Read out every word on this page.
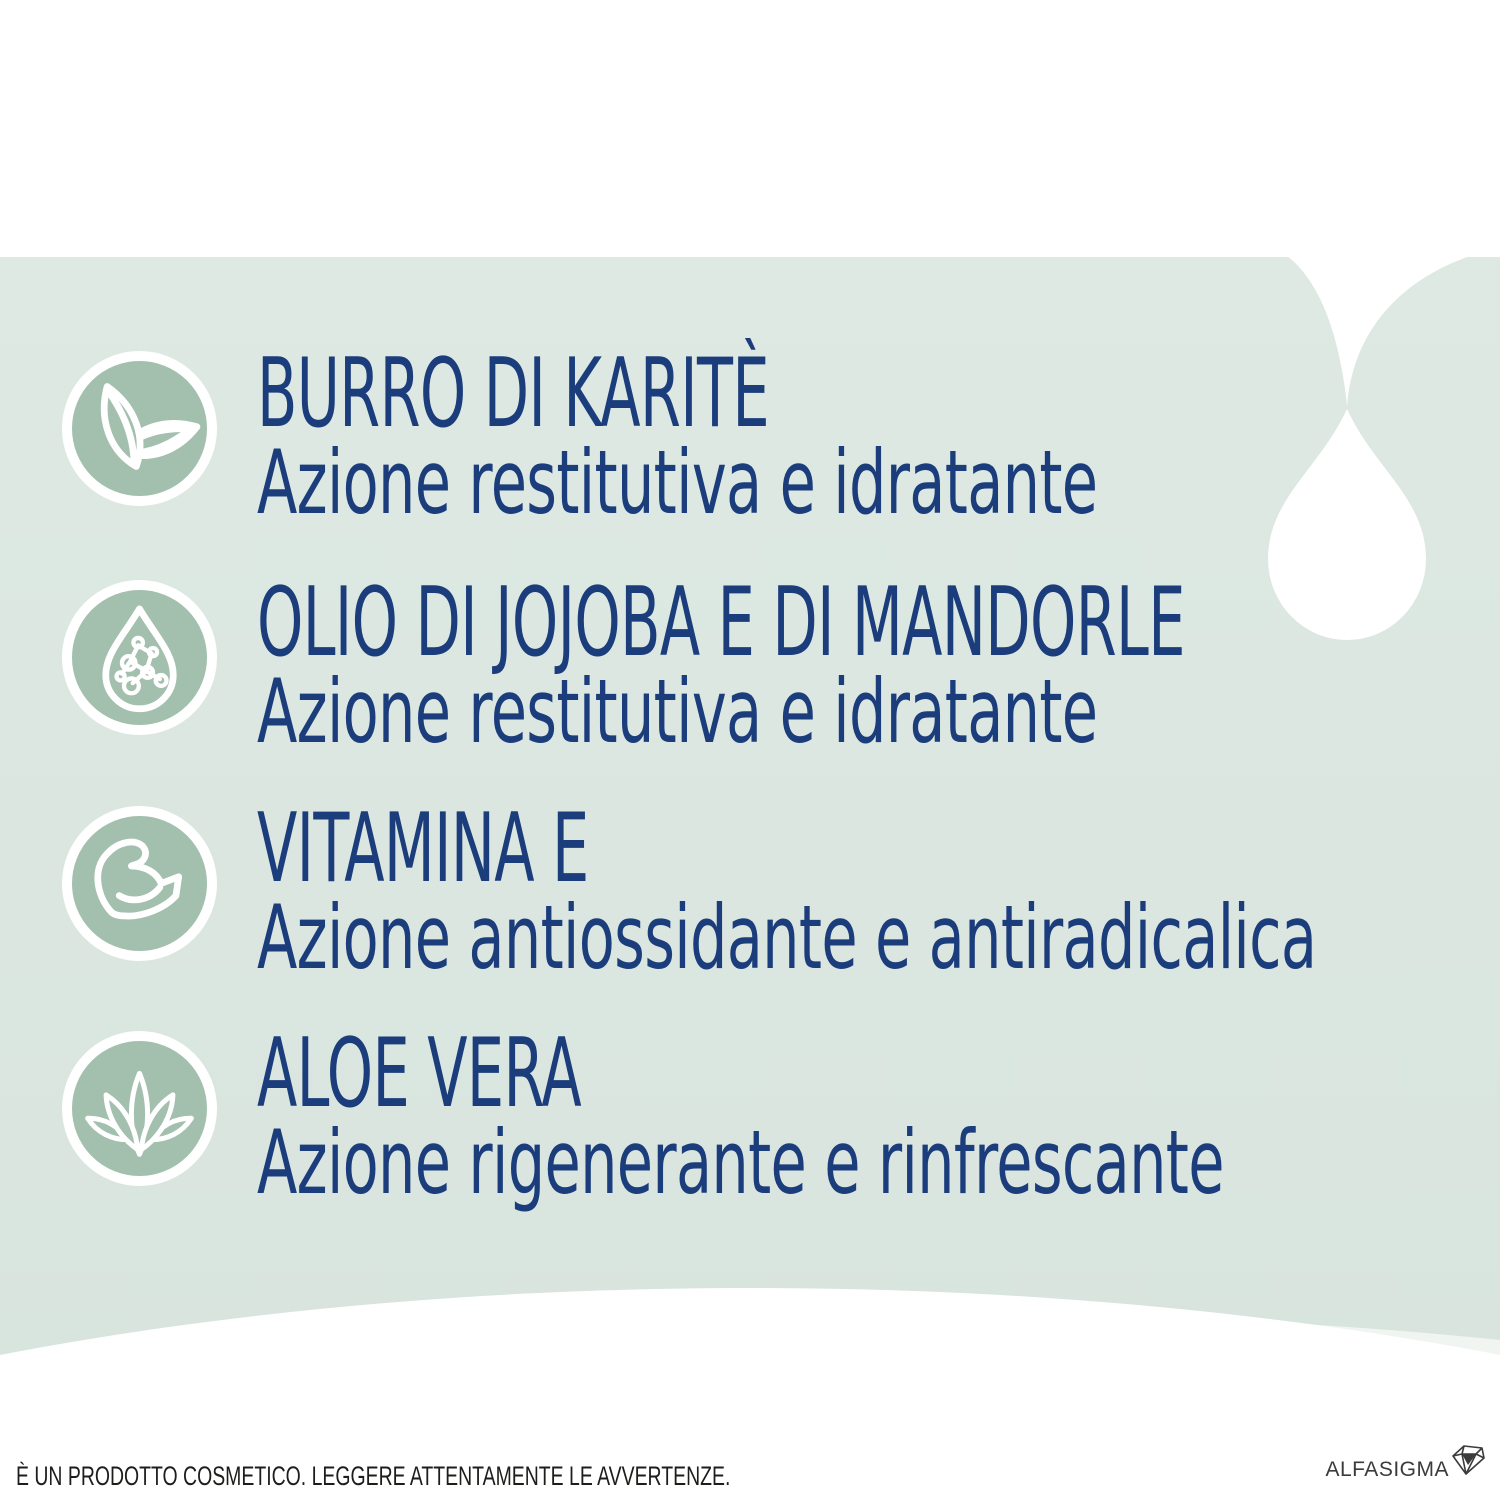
BURRO DI KARITÈ
Azione restitutiva e idratante
OLIO DI JOJOBA E DI MANDORLE
Azione restitutiva e idratante
VITAMINA E
Azione antiossidante e antiradicalica
ALOE VERA
Azione rigenerante e rinfrescante
È UN PRODOTTO COSMETICO. LEGGERE ATTENTAMENTE LE AVVERTENZE.	ALFASIGMA
